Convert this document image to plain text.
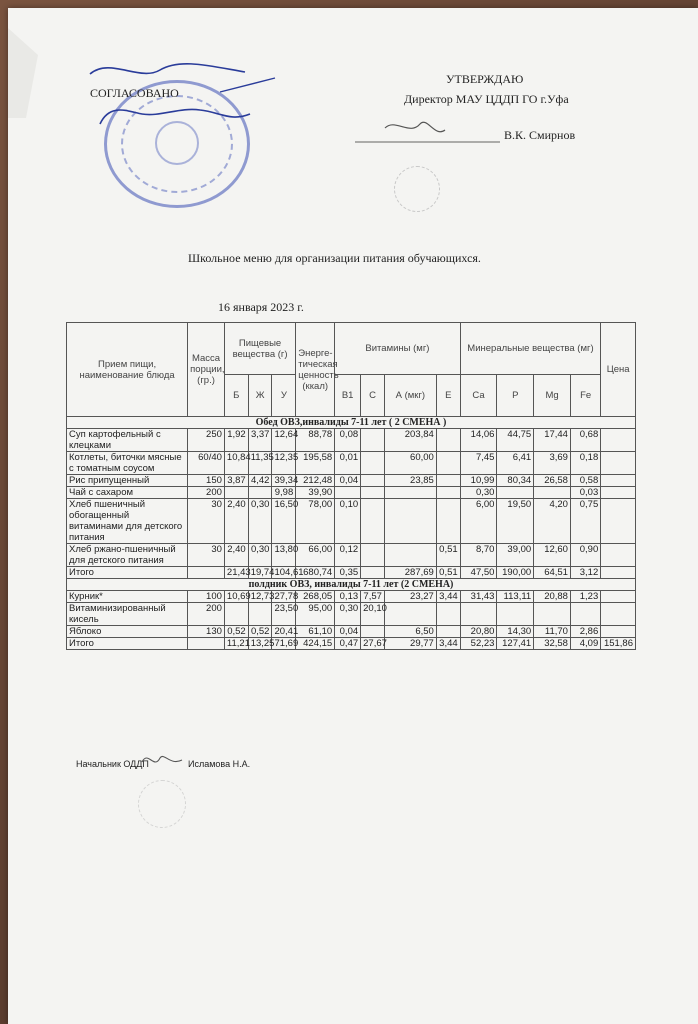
СОГЛАСОВАНО
УТВЕРЖДАЮ
Директор МАУ ЦДДП ГО г.Уфа
В.К. Смирнов
Школьное меню для организации питания обучающихся.
16 января 2023 г.
Прием пищи, наименование блюда	Масса порции, (гр.)	Пищевые вещества (г)			Энерге-тическая ценность (ккал)	Витамины (мг)				Минеральные вещества (мг)				Цена
		Б	Ж	У		В1	С	А (мкг)	Е	Са	Р	Mg	Fe	
Обед ОВЗ,инвалиды 7-11 лет ( 2 СМЕНА )														
Суп картофельный с клецками	250	1,92	3,37	12,64	88,78	0,08		203,84		14,06	44,75	17,44	0,68	
Котлеты, биточки мясные с томатным соусом	60/40	10,84	11,35	12,35	195,58	0,01		60,00		7,45	6,41	3,69	0,18	
Рис припущенный	150	3,87	4,42	39,34	212,48	0,04		23,85		10,99	80,34	26,58	0,58	
Чай с сахаром	200			9,98	39,90					0,30			0,03	
Хлеб пшеничный обогащенный витаминами для детского питания	30	2,40	0,30	16,50	78,00	0,10				6,00	19,50	4,20	0,75	
Хлеб ржано-пшеничный для детского питания	30	2,40	0,30	13,80	66,00	0,12			0,51	8,70	39,00	12,60	0,90	
Итого		21,43	19,74	104,61	680,74	0,35		287,69	0,51	47,50	190,00	64,51	3,12	
полдник ОВЗ, инвалиды 7-11 лет (2 СМЕНА)														
Курник*	100	10,69	12,73	27,78	268,05	0,13	7,57	23,27	3,44	31,43	113,11	20,88	1,23	
Витаминизированный кисель	200			23,50	95,00	0,30	20,10							
Яблоко	130	0,52	0,52	20,41	61,10	0,04		6,50		20,80	14,30	11,70	2,86	
Итого		11,21	13,25	71,69	424,15	0,47	27,67	29,77	3,44	52,23	127,41	32,58	4,09	151,86
Начальник ОДДП	Исламова Н.А.
